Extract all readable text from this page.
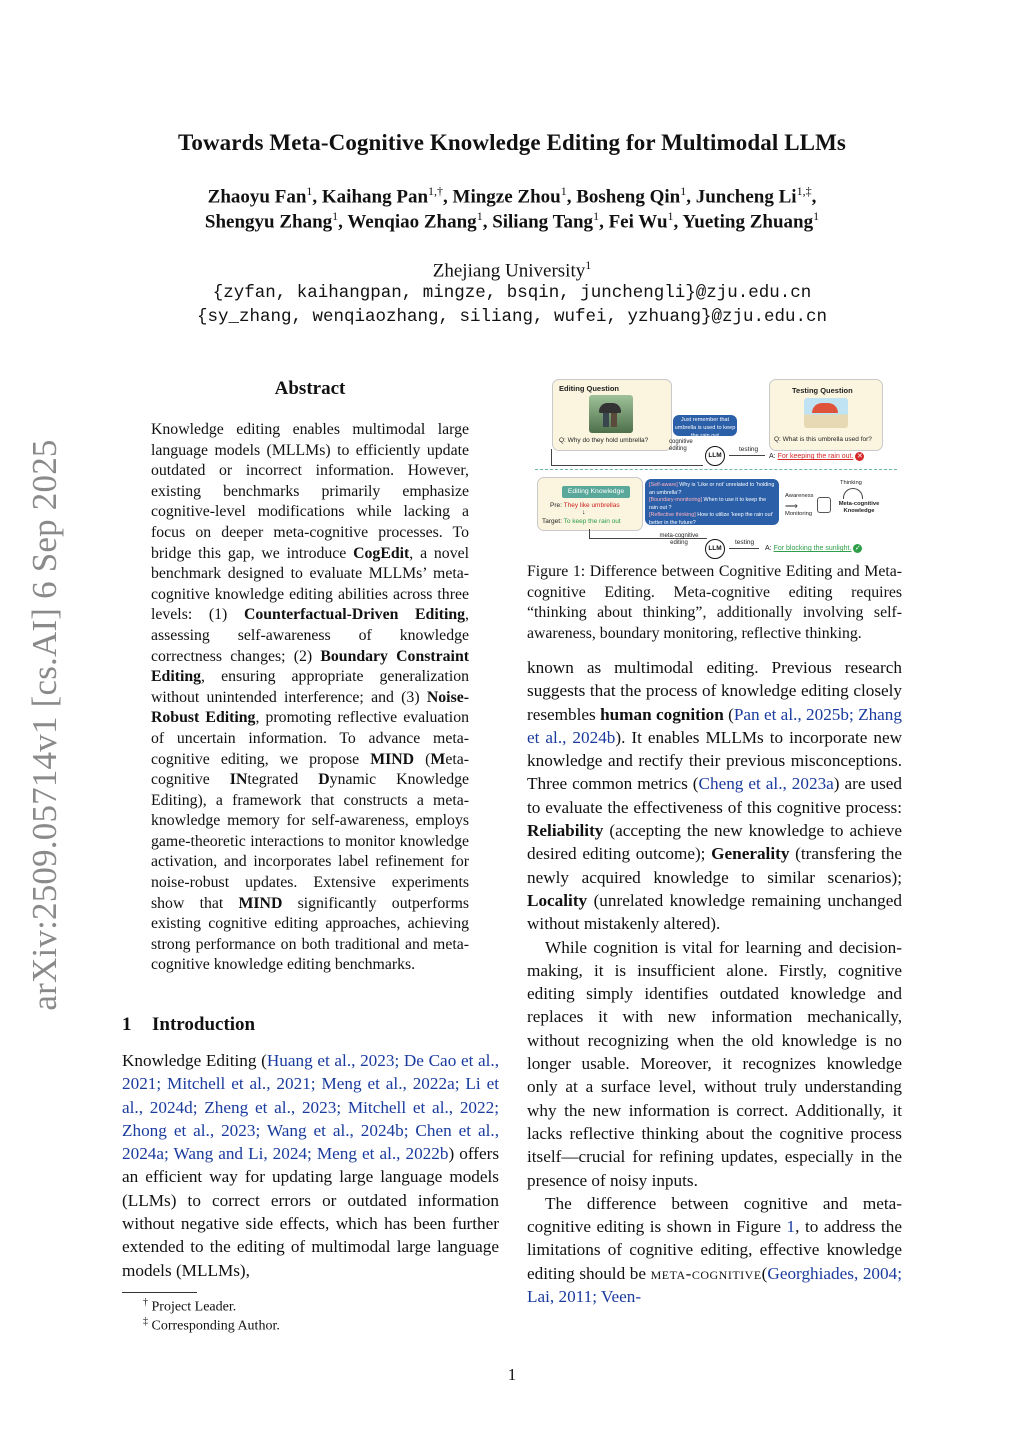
Towards Meta-Cognitive Knowledge Editing for Multimodal LLMs
Zhaoyu Fan$^1$, Kaihang Pan$^{1,\dagger}$, Mingze Zhou$^1$, Bosheng Qin$^1$, Juncheng $Li^{1,\ddagger}$,
Shengyu Zhang$^1$, Wenqiao Zhang$^1$, Siliang Tang$^1$, Fei Wu$^1$, Yueting Zhuang$^1$
Zhejiang University$^1$
{zyfan, kaihangpan, mingze, bsqin, junchengli}@zju.edu.cn
{sy_zhang, wenqiaozhang, siliang, wufei, yzhuang}@zju.edu.cn
arXiv:2509.05714v1 [cs.AI] 6 Sep 2025
Abstract
Knowledge editing enables multimodal large language models (MLLMs) to efficiently update outdated or incorrect information. However, existing benchmarks primarily emphasize cognitive-level modifications while lacking a focus on deeper meta-cognitive processes. To bridge this gap, we introduce CogEdit, a novel benchmark designed to evaluate MLLMs’ meta-cognitive knowledge editing abilities across three levels: (1) Counterfactual-Driven Editing, assessing self-awareness of knowledge correctness changes; (2) Boundary Constraint Editing, ensuring appropriate generalization without unintended interference; and (3) Noise-Robust Editing, promoting reflective evaluation of uncertain information. To advance meta-cognitive editing, we propose MIND (Meta-cognitive INtegrated Dynamic Knowledge Editing), a framework that constructs a meta-knowledge memory for self-awareness, employs game-theoretic interactions to monitor knowledge activation, and incorporates label refinement for noise-robust updates. Extensive experiments show that MIND significantly outperforms existing cognitive editing approaches, achieving strong performance on both traditional and meta-cognitive knowledge editing benchmarks.
1 Introduction
Knowledge Editing (Huang et al., 2023; De Cao et al., 2021; Mitchell et al., 2021; Meng et al., 2022a; Li et al., 2024d; Zheng et al., 2023; Mitchell et al., 2022; Zhong et al., 2023; Wang et al., 2024b; Chen et al., 2024a; Wang and Li, 2024; Meng et al., 2022b) offers an efficient way for updating large language models (LLMs) to correct errors or outdated information without negative side effects, which has been further extended to the editing of multimodal large language models (MLLMs),
† Project Leader.
‡ Corresponding Author.
1
Editing Question
Q: Why do they hold umbrella?
Just remember that umbrella is used to keep the rain out
cognitive editing
LLM
testing
Testing Question
Q: What is this umbrella used for?
A: For keeping the rain out. ✕
Editing Knowledge
Pre: They like umbrellas
↓
Target: To keep the rain out
[Self-aware] Why is ‘Like or not’ unrelated to ‘holding an umbrella’?
[Boundary-monitoring] When to use it to keep the rain out ?
[Reflective thinking] How to utilize ‘keep the rain out’ better in the future?
Awareness
⟹
Monitoring
Thinking
Meta-cognitive Knowledge
meta-cognitive editing
LLM
testing
A: For blocking the sunlight. ✓
Figure 1: Difference between Cognitive Editing and Meta-cognitive Editing. Meta-cognitive editing requires “thinking about thinking”, additionally involving self-awareness, boundary monitoring, reflective thinking.

known as multimodal editing. Previous research suggests that the process of knowledge editing closely resembles human cognition (Pan et al., 2025b; Zhang et al., 2024b). It enables MLLMs to incorporate new knowledge and rectify their previous misconceptions. Three common metrics (Cheng et al., 2023a) are used to evaluate the effectiveness of this cognitive process: Reliability (accepting the new knowledge to achieve desired editing outcome); Generality (transfering the newly acquired knowledge to similar scenarios); Locality (unrelated knowledge remaining unchanged without mistakenly altered).

While cognition is vital for learning and decision-making, it is insufficient alone. Firstly, cognitive editing simply identifies outdated knowledge and replaces it with new information mechanically, without recognizing when the old knowledge is no longer usable. Moreover, it recognizes knowledge only at a surface level, without truly understanding why the new information is correct. Additionally, it lacks reflective thinking about the cognitive process itself—crucial for refining updates, especially in the presence of noisy inputs.

The difference between cognitive and meta-cognitive editing is shown in Figure 1, to address the limitations of cognitive editing, effective knowledge editing should be meta-cognitive(Georghiades, 2004; Lai, 2011; Veen-
